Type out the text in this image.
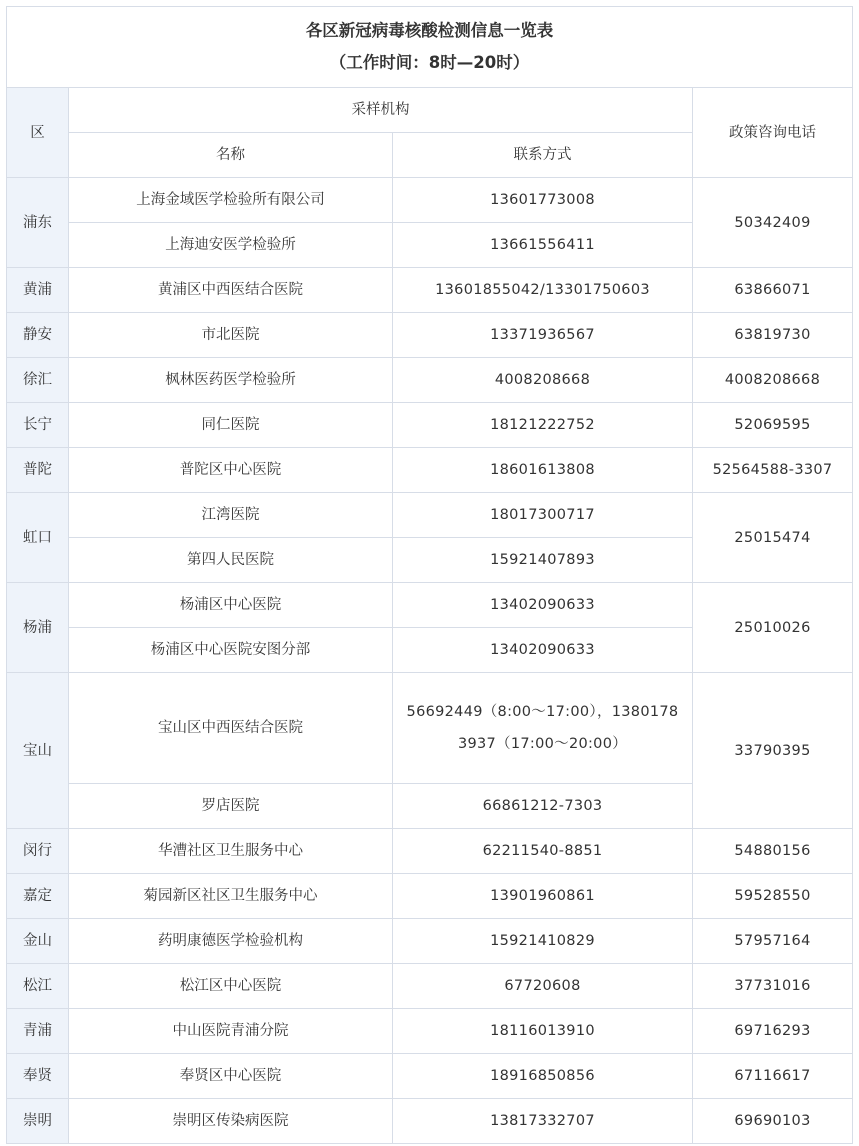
各区新冠病毒核酸检测信息一览表
（工作时间：8时—20时）			

区	采样机构		政策咨询电话
	名称	联系方式	
浦东	上海金域医学检验所有限公司	13601773008	50342409
	上海迪安医学检验所	13661556411	
黄浦	黄浦区中西医结合医院	13601855042/13301750603	63866071
静安	市北医院	13371936567	63819730
徐汇	枫林医药医学检验所	4008208668	4008208668
长宁	同仁医院	18121222752	52069595
普陀	普陀区中心医院	18601613808	52564588-3307
虹口	江湾医院	18017300717	25015474
	第四人民医院	15921407893	
杨浦	杨浦区中心医院	13402090633	25010026
	杨浦区中心医院安图分部	13402090633	
宝山	宝山区中西医结合医院	56692449（8:00～17:00），1380178
3937（17:00～20:00）	33790395
	罗店医院	66861212-7303	
闵行	华漕社区卫生服务中心	62211540-8851	54880156
嘉定	菊园新区社区卫生服务中心	13901960861	59528550
金山	药明康德医学检验机构	15921410829	57957164
松江	松江区中心医院	67720608	37731016
青浦	中山医院青浦分院	18116013910	69716293
奉贤	奉贤区中心医院	18916850856	67116617
崇明	崇明区传染病医院	13817332707	69690103
